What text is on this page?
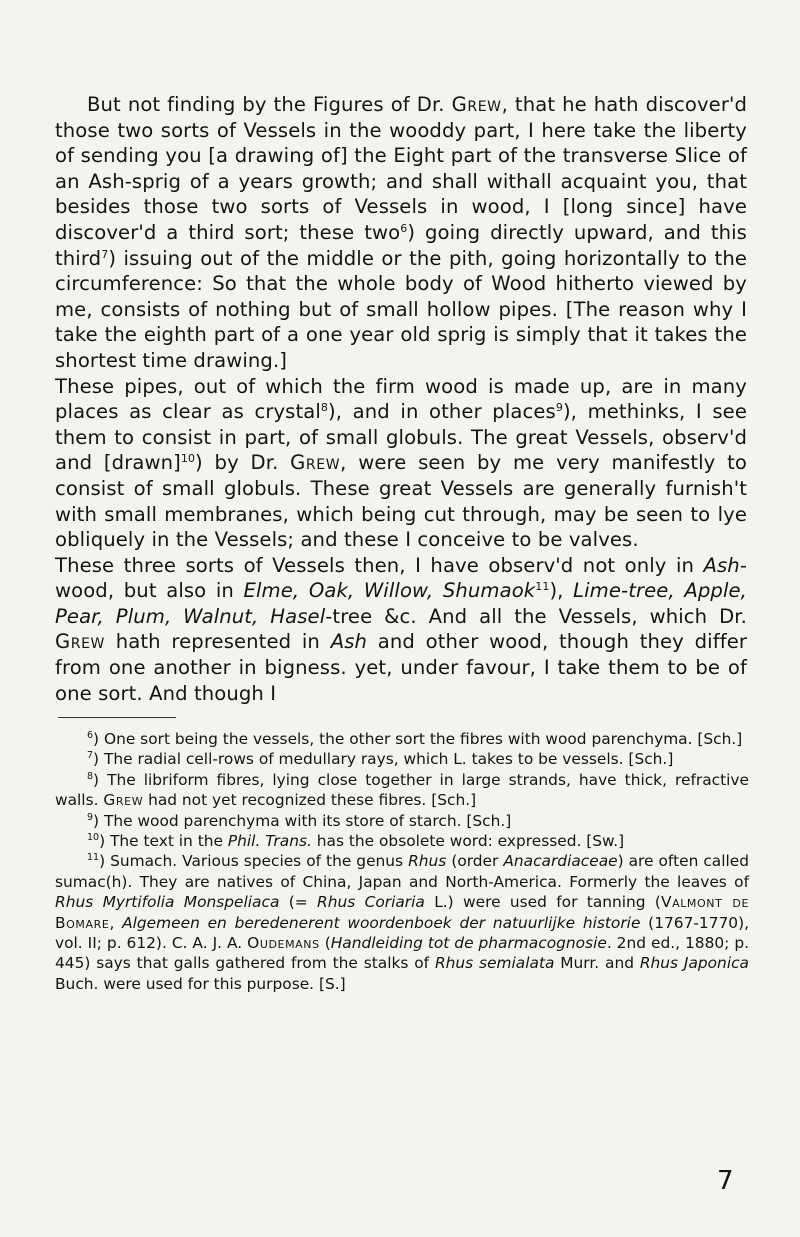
But not finding by the Figures of Dr. Grew, that he hath discover'd those two sorts of Vessels in the wooddy part, I here take the liberty of sending you [a drawing of] the Eight part of the transverse Slice of an Ash-sprig of a years growth; and shall withall acquaint you, that besides those two sorts of Vessels in wood, I [long since] have discover'd a third sort; these two$^6$) going directly upward, and this third$^7$) issuing out of the middle or the pith, going horizontally to the circumference: So that the whole body of Wood hitherto viewed by me, consists of nothing but of small hollow pipes. [The reason why I take the eighth part of a one year old sprig is simply that it takes the shortest time drawing.]

These pipes, out of which the firm wood is made up, are in many places as clear as crystal$^8$), and in other places$^9$), methinks, I see them to consist in part, of small globuls. The great Vessels, observ'd and [drawn]$^{10}$) by Dr. Grew, were seen by me very manifestly to consist of small globuls. These great Vessels are generally furnish't with small membranes, which being cut through, may be seen to lye obliquely in the Vessels; and these I conceive to be valves.

These three sorts of Vessels then, I have observ'd not only in Ash-wood, but also in Elme, Oak, Willow, Shumaok$^{11}$), Lime-tree, Apple, Pear, Plum, Walnut, Hasel-tree &c. And all the Vessels, which Dr. Grew hath represented in Ash and other wood, though they differ from one another in bigness. yet, under favour, I take them to be of one sort. And though I

$^6$) One sort being the vessels, the other sort the fibres with wood parenchyma. [Sch.]

$^7$) The radial cell-rows of medullary rays, which L. takes to be vessels. [Sch.]

$^8$) The libriform fibres, lying close together in large strands, have thick, refractive walls. Grew had not yet recognized these fibres. [Sch.]

$^9$) The wood parenchyma with its store of starch. [Sch.]

$^{10}$) The text in the Phil. Trans. has the obsolete word: expressed. [Sw.]

$^{11}$) Sumach. Various species of the genus Rhus (order Anacardiaceae) are often called sumac(h). They are natives of China, Japan and North-America. Formerly the leaves of Rhus Myrtifolia Monspeliaca (= Rhus Coriaria L.) were used for tanning (Valmont de Bomare, Algemeen en beredenerent woordenboek der natuurlijke historie (1767-1770), vol. II; p. 612). C. A. J. A. Oudemans (Handleiding tot de pharmacognosie. 2nd ed., 1880; p. 445) says that galls gathered from the stalks of Rhus semialata Murr. and Rhus Japonica Buch. were used for this purpose. [S.]

7
